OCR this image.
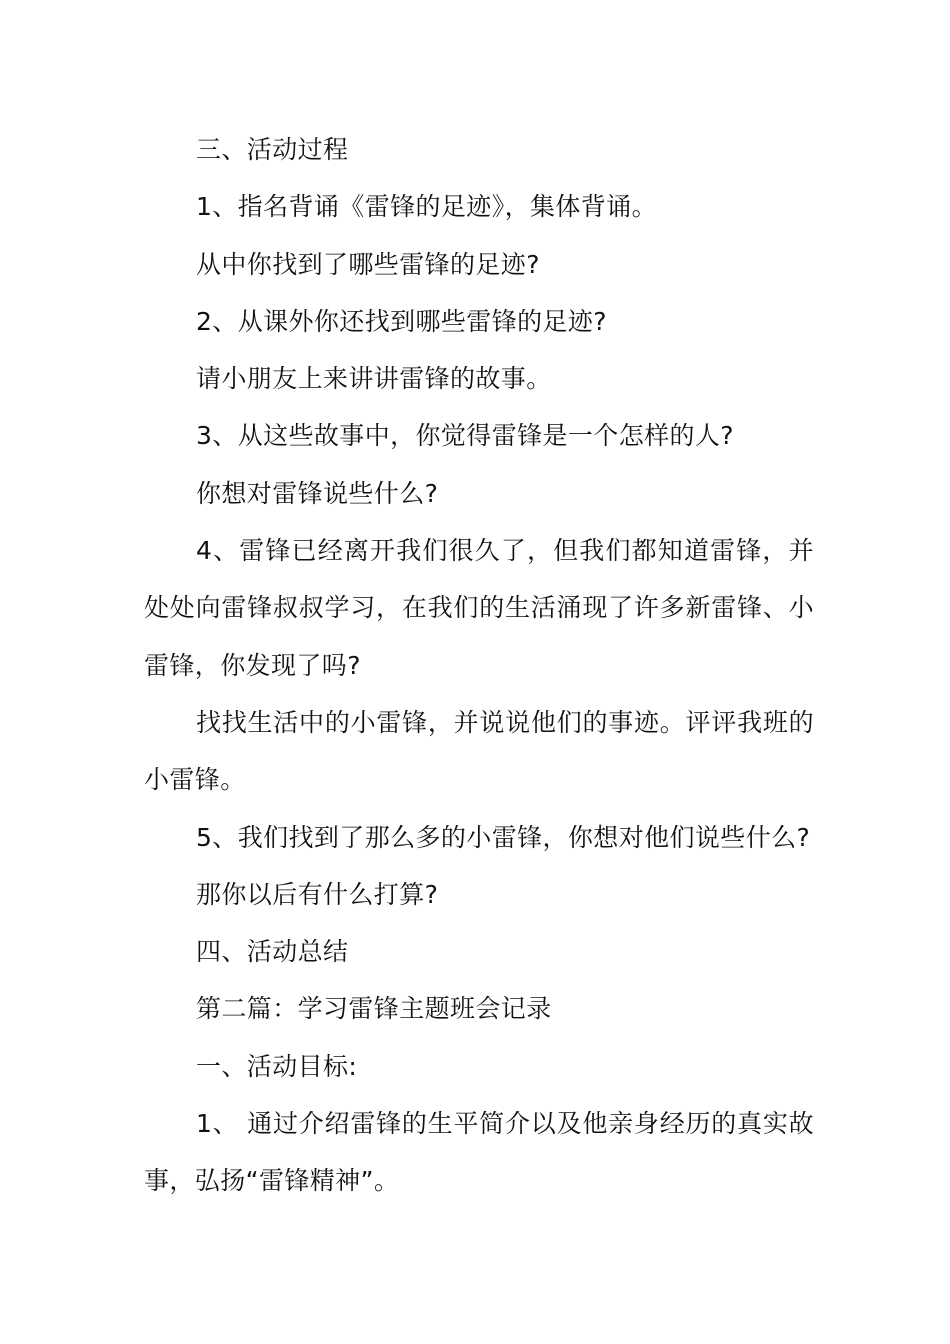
三、活动过程

1、指名背诵《雷锋的足迹》，集体背诵。

从中你找到了哪些雷锋的足迹?

2、从课外你还找到哪些雷锋的足迹?

请小朋友上来讲讲雷锋的故事。

3、从这些故事中，你觉得雷锋是一个怎样的人?

你想对雷锋说些什么?

4、雷锋已经离开我们很久了，但我们都知道雷锋，并处处向雷锋叔叔学习，在我们的生活涌现了许多新雷锋、小雷锋，你发现了吗?

找找生活中的小雷锋，并说说他们的事迹。评评我班的小雷锋。

5、我们找到了那么多的小雷锋，你想对他们说些什么?

那你以后有什么打算?

四、活动总结

第二篇：学习雷锋主题班会记录

一、活动目标:

1、 通过介绍雷锋的生平简介以及他亲身经历的真实故事，弘扬“雷锋精神”。
